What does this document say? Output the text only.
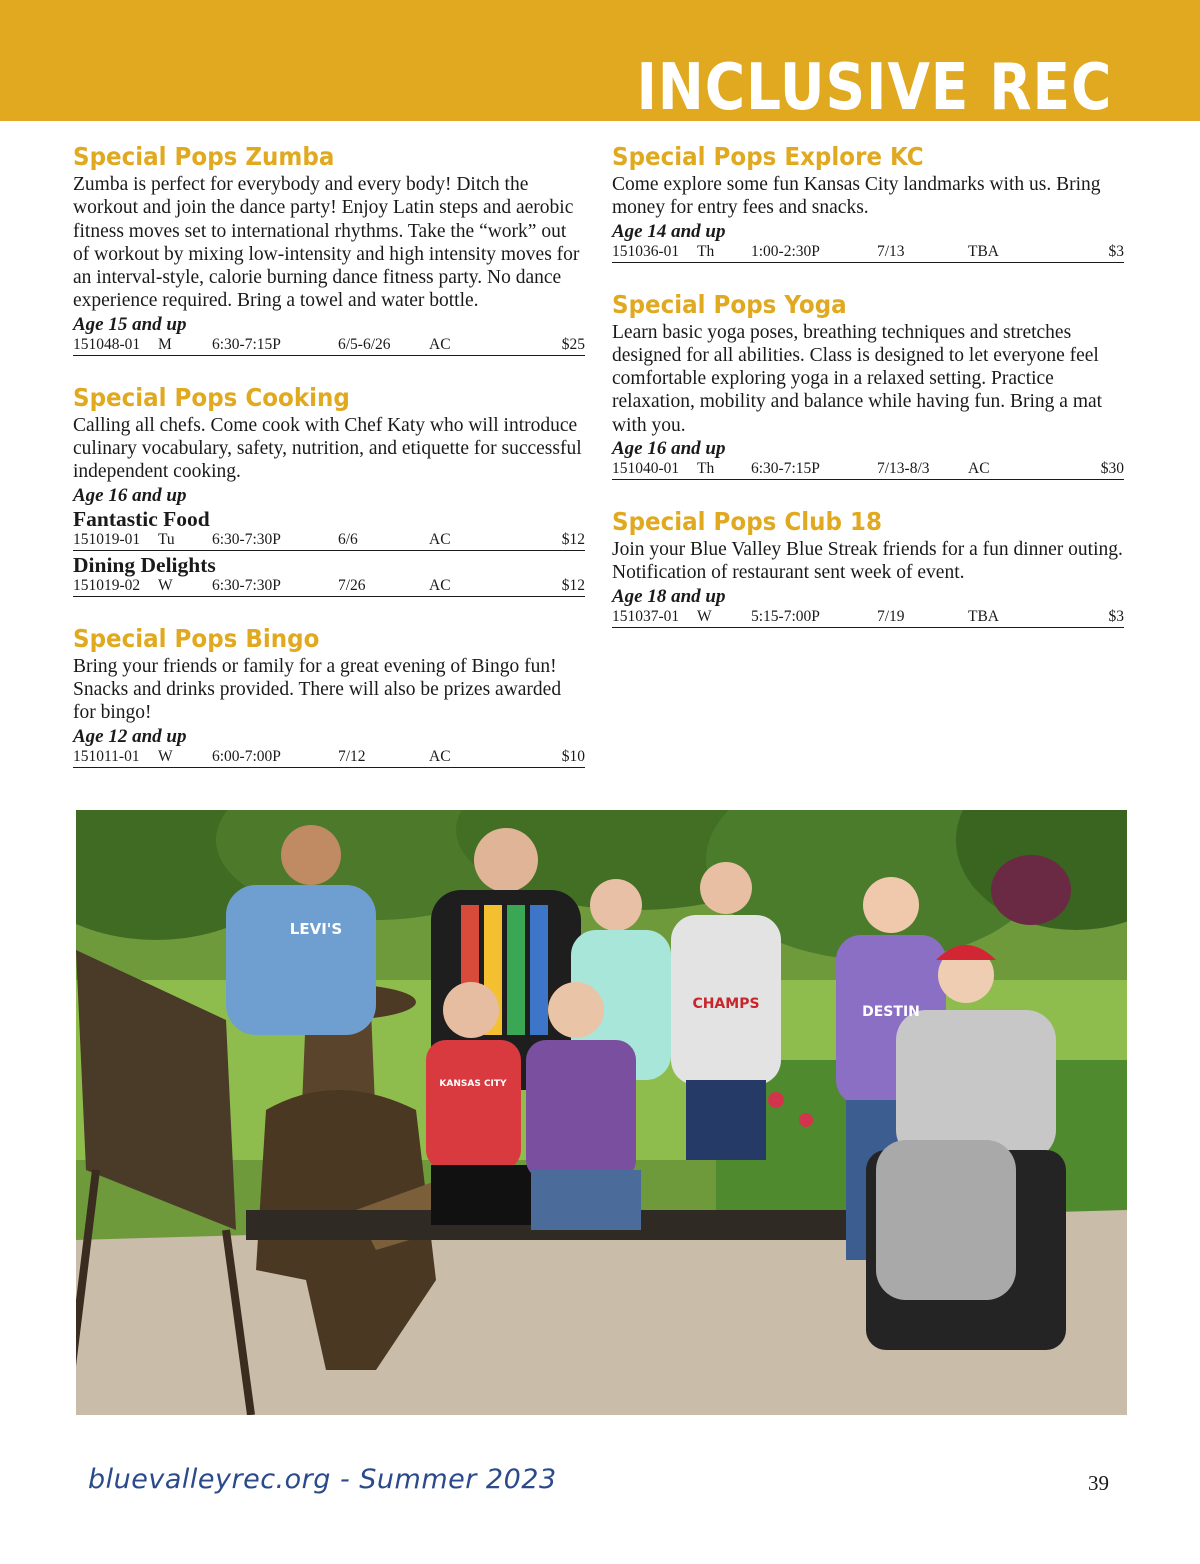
INCLUSIVE REC
Special Pops Zumba
Zumba is perfect for everybody and every body! Ditch the workout and join the dance party! Enjoy Latin steps and aerobic fitness moves set to international rhythms. Take the “work” out of workout by mixing low-intensity and high intensity moves for an interval-style, calorie burning dance fitness party. No dance experience required. Bring a towel and water bottle.
Age 15 and up
151048-01 M	6:30-7:15P	6/5-6/26 AC	$25
Special Pops Cooking
Calling all chefs. Come cook with Chef Katy who will introduce culinary vocabulary, safety, nutrition, and etiquette for successful independent cooking.
Age 16 and up
Fantastic Food
151019-01 Tu 6:30-7:30P	6/6	AC	$12
Dining Delights
151019-02 W	6:30-7:30P	7/26	AC	$12
Special Pops Bingo
Bring your friends or family for a great evening of Bingo fun! Snacks and drinks provided. There will also be prizes awarded for bingo!
Age 12 and up
151011-01 W	6:00-7:00P	7/12	AC	$10
Special Pops Explore KC
Come explore some fun Kansas City landmarks with us. Bring money for entry fees and snacks.
Age 14 and up
151036-01 Th 1:00-2:30P	7/13	TBA	$3
Special Pops Yoga
Learn basic yoga poses, breathing techniques and stretches designed for all abilities. Class is designed to let everyone feel comfortable exploring yoga in a relaxed setting. Practice relaxation, mobility and balance while having fun. Bring a mat with you.
Age 16 and up
151040-01 Th 6:30-7:15P	7/13-8/3 AC	$30
Special Pops Club 18
Join your Blue Valley Blue Streak friends for a fun dinner outing. Notification of restaurant sent week of event.
Age 18 and up
151037-01 W	5:15-7:00P	7/19	TBA	$3
LEVI'S
CHAMPS	DESTIN
KANSAS CITY
bluevalleyrec.org - Summer 2023	39
